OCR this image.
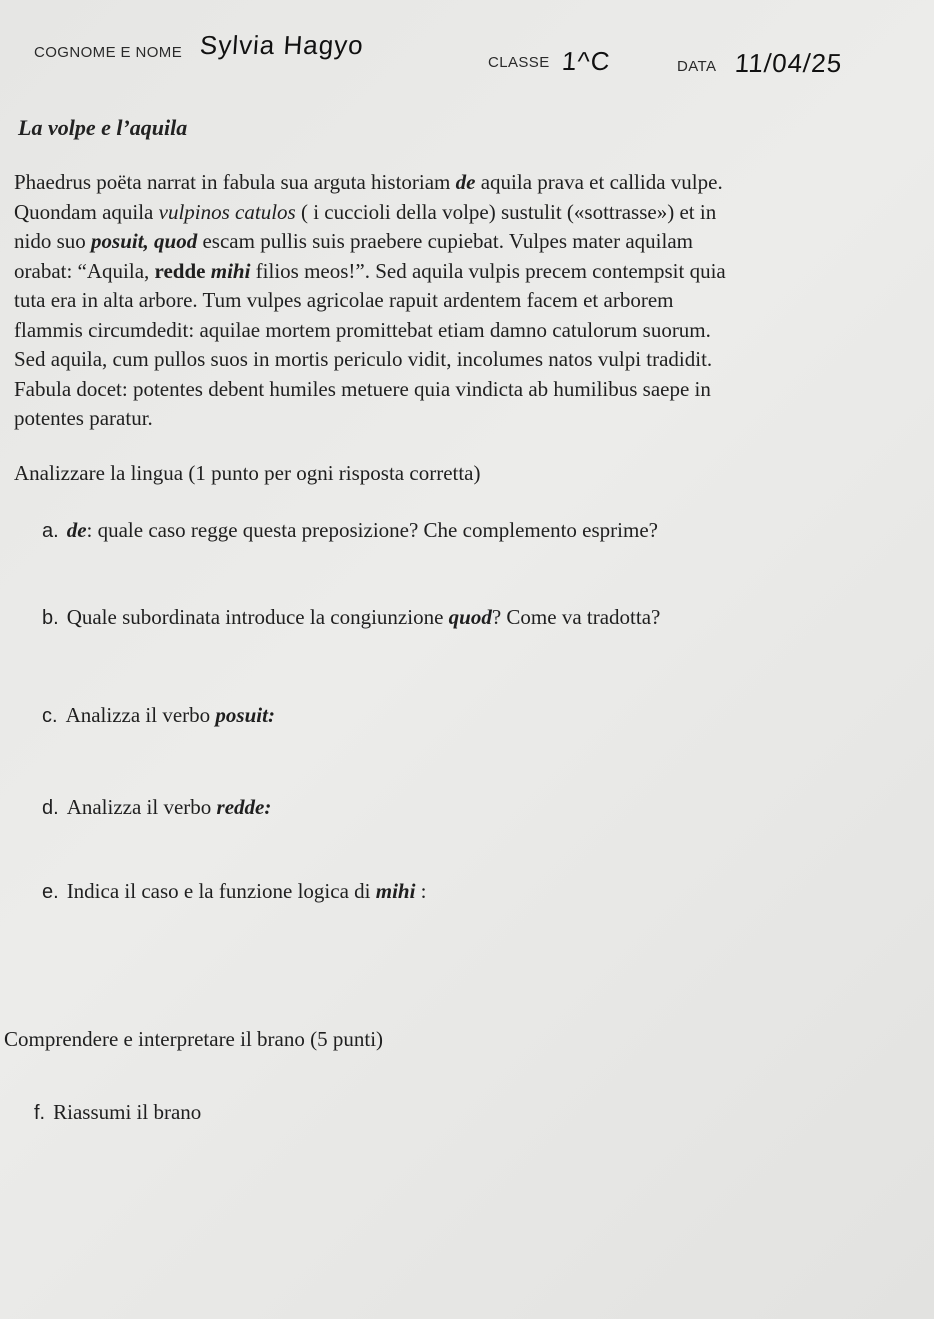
COGNOME E NOME Sylvia Hagyo
CLASSE 1^C	DATA 11/04/25
La volpe e l’aquila
Phaedrus poëta narrat in fabula sua arguta historiam de aquila prava et callida vulpe.
Quondam aquila vulpinos catulos ( i cuccioli della volpe) sustulit («sottrasse») et in
nido suo posuit, quod escam pullis suis praebere cupiebat. Vulpes mater aquilam
orabat: “Aquila, redde mihi filios meos!”. Sed aquila vulpis precem contempsit quia
tuta era in alta arbore. Tum vulpes agricolae rapuit ardentem facem et arborem
flammis circumdedit: aquilae mortem promittebat etiam damno catulorum suorum.
Sed aquila, cum pullos suos in mortis periculo vidit, incolumes natos vulpi tradidit.
Fabula docet: potentes debent humiles metuere quia vindicta ab humilibus saepe in
potentes paratur.
Analizzare la lingua (1 punto per ogni risposta corretta)
a. de: quale caso regge questa preposizione? Che complemento esprime?
b. Quale subordinata introduce la congiunzione quod? Come va tradotta?
c. Analizza il verbo posuit:
d. Analizza il verbo redde:
e. Indica il caso e la funzione logica di mihi :
Comprendere e interpretare il brano (5 punti)
f. Riassumi il brano
